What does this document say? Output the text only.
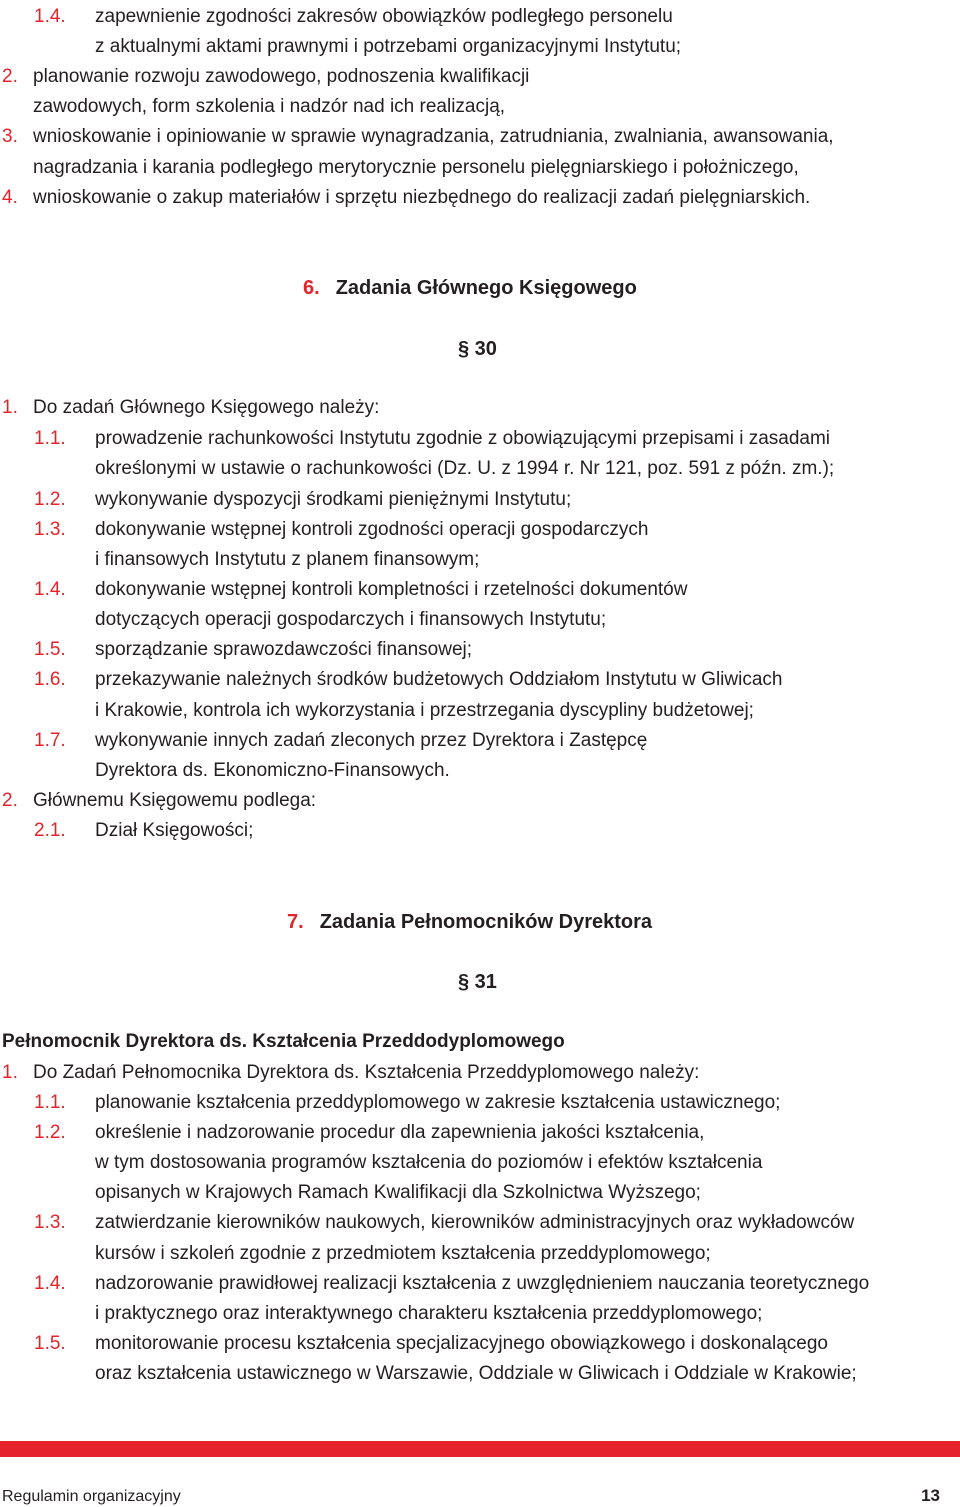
1.4. zapewnienie zgodności zakresów obowiązków podległego personelu
z aktualnymi aktami prawnymi i potrzebami organizacyjnymi Instytutu;
2. planowanie rozwoju zawodowego, podnoszenia kwalifikacji
zawodowych, form szkolenia i nadzór nad ich realizacją,
3. wnioskowanie i opiniowanie w sprawie wynagradzania, zatrudniania, zwalniania, awansowania,
nagradzania i karania podległego merytorycznie personelu pielęgniarskiego i położniczego,
4. wnioskowanie o zakup materiałów i sprzętu niezbędnego do realizacji zadań pielęgniarskich.
6. Zadania Głównego Księgowego
§ 30
1. Do zadań Głównego Księgowego należy:
1.1. prowadzenie rachunkowości Instytutu zgodnie z obowiązującymi przepisami i zasadami
określonymi w ustawie o rachunkowości (Dz. U. z 1994 r. Nr 121, poz. 591 z późn. zm.);
1.2. wykonywanie dyspozycji środkami pieniężnymi Instytutu;
1.3. dokonywanie wstępnej kontroli zgodności operacji gospodarczych
i finansowych Instytutu z planem finansowym;
1.4. dokonywanie wstępnej kontroli kompletności i rzetelności dokumentów
dotyczących operacji gospodarczych i finansowych Instytutu;
1.5. sporządzanie sprawozdawczości finansowej;
1.6. przekazywanie należnych środków budżetowych Oddziałom Instytutu w Gliwicach
i Krakowie, kontrola ich wykorzystania i przestrzegania dyscypliny budżetowej;
1.7. wykonywanie innych zadań zleconych przez Dyrektora i Zastępcę
Dyrektora ds. Ekonomiczno-Finansowych.
2. Głównemu Księgowemu podlega:
2.1. Dział Księgowości;
7. Zadania Pełnomocników Dyrektora
§ 31
Pełnomocnik Dyrektora ds. Kształcenia Przeddodyplomowego
1. Do Zadań Pełnomocnika Dyrektora ds. Kształcenia Przeddyplomowego należy:
1.1. planowanie kształcenia przeddyplomowego w zakresie kształcenia ustawicznego;
1.2. określenie i nadzorowanie procedur dla zapewnienia jakości kształcenia,
w tym dostosowania programów kształcenia do poziomów i efektów kształcenia
opisanych w Krajowych Ramach Kwalifikacji dla Szkolnictwa Wyższego;
1.3. zatwierdzanie kierowników naukowych, kierowników administracyjnych oraz wykładowców
kursów i szkoleń zgodnie z przedmiotem kształcenia przeddyplomowego;
1.4. nadzorowanie prawidłowej realizacji kształcenia z uwzględnieniem nauczania teoretycznego
i praktycznego oraz interaktywnego charakteru kształcenia przeddyplomowego;
1.5. monitorowanie procesu kształcenia specjalizacyjnego obowiązkowego i doskonalącego
oraz kształcenia ustawicznego w Warszawie, Oddziale w Gliwicach i Oddziale w Krakowie;
Regulamin organizacyjny	13
